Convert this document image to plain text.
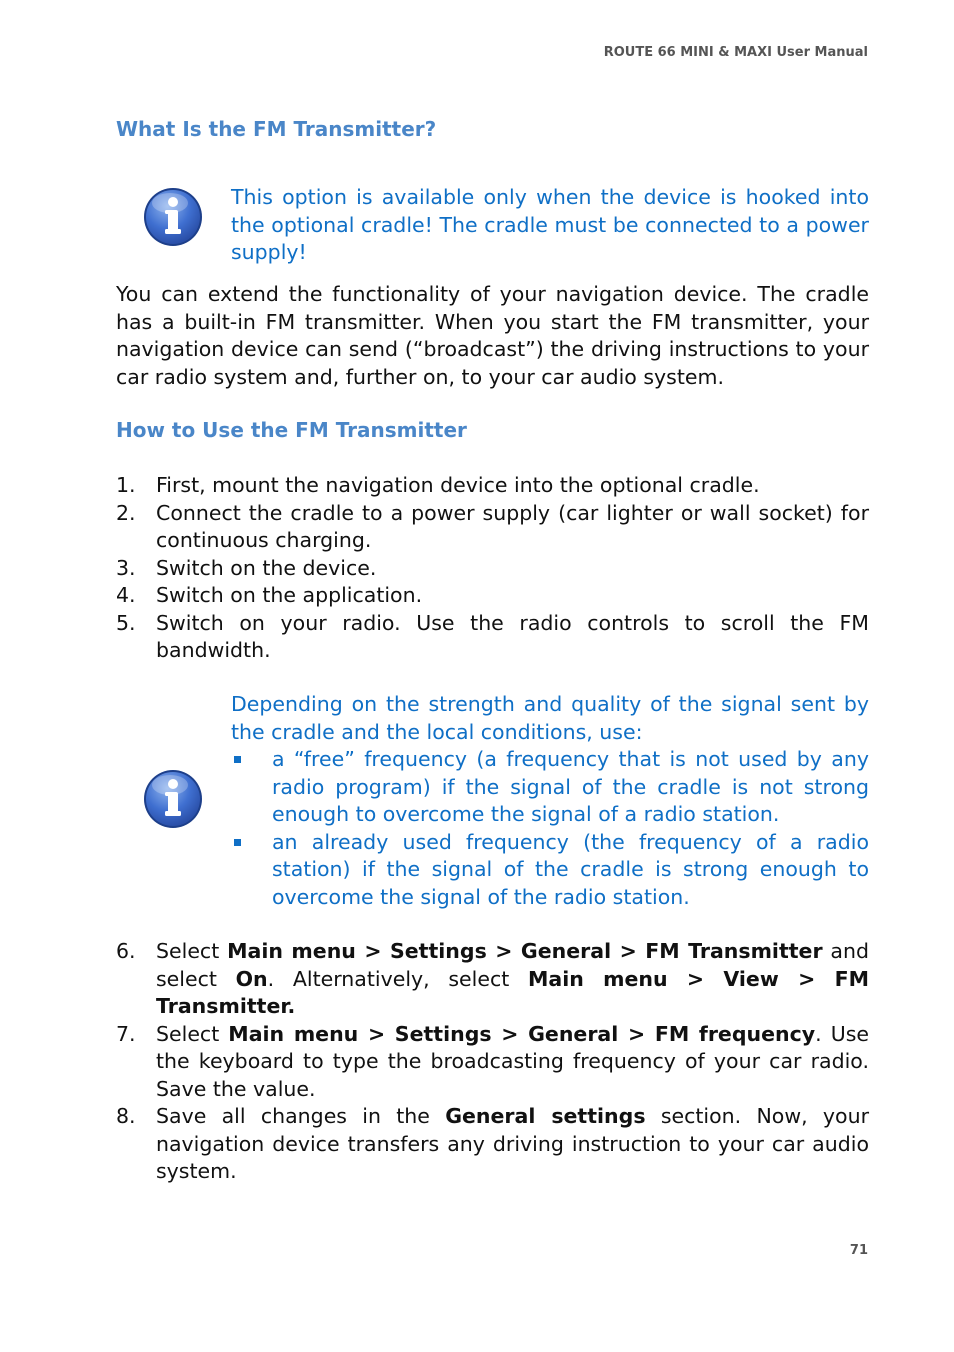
ROUTE 66 MINI & MAXI User Manual
What Is the FM Transmitter?
This option is available only when the device is hooked into the optional cradle! The cradle must be connected to a power supply!

You can extend the functionality of your navigation device. The cradle has a built-in FM transmitter. When you start the FM transmitter, your navigation device can send (“broadcast”) the driving instructions to your car radio system and, further on, to your car audio system.

How to Use the FM Transmitter
1. First, mount the navigation device into the optional cradle.
2. Connect the cradle to a power supply (car lighter or wall socket) for continuous charging.
3. Switch on the device.
4. Switch on the application.
5. Switch on your radio. Use the radio controls to scroll the FM bandwidth.
Depending on the strength and quality of the signal sent by the cradle and the local conditions, use:
a “free” frequency (a frequency that is not used by any radio program) if the signal of the cradle is not strong enough to overcome the signal of a radio station.
an already used frequency (the frequency of a radio station) if the signal of the cradle is strong enough to overcome the signal of the radio station.
6. Select Main menu > Settings > General > FM Transmitter and select On. Alternatively, select Main menu > View > FM Transmitter.
7. Select Main menu > Settings > General > FM frequency. Use the keyboard to type the broadcasting frequency of your car radio. Save the value.
8. Save all changes in the General settings section. Now, your navigation device transfers any driving instruction to your car audio system.
71
